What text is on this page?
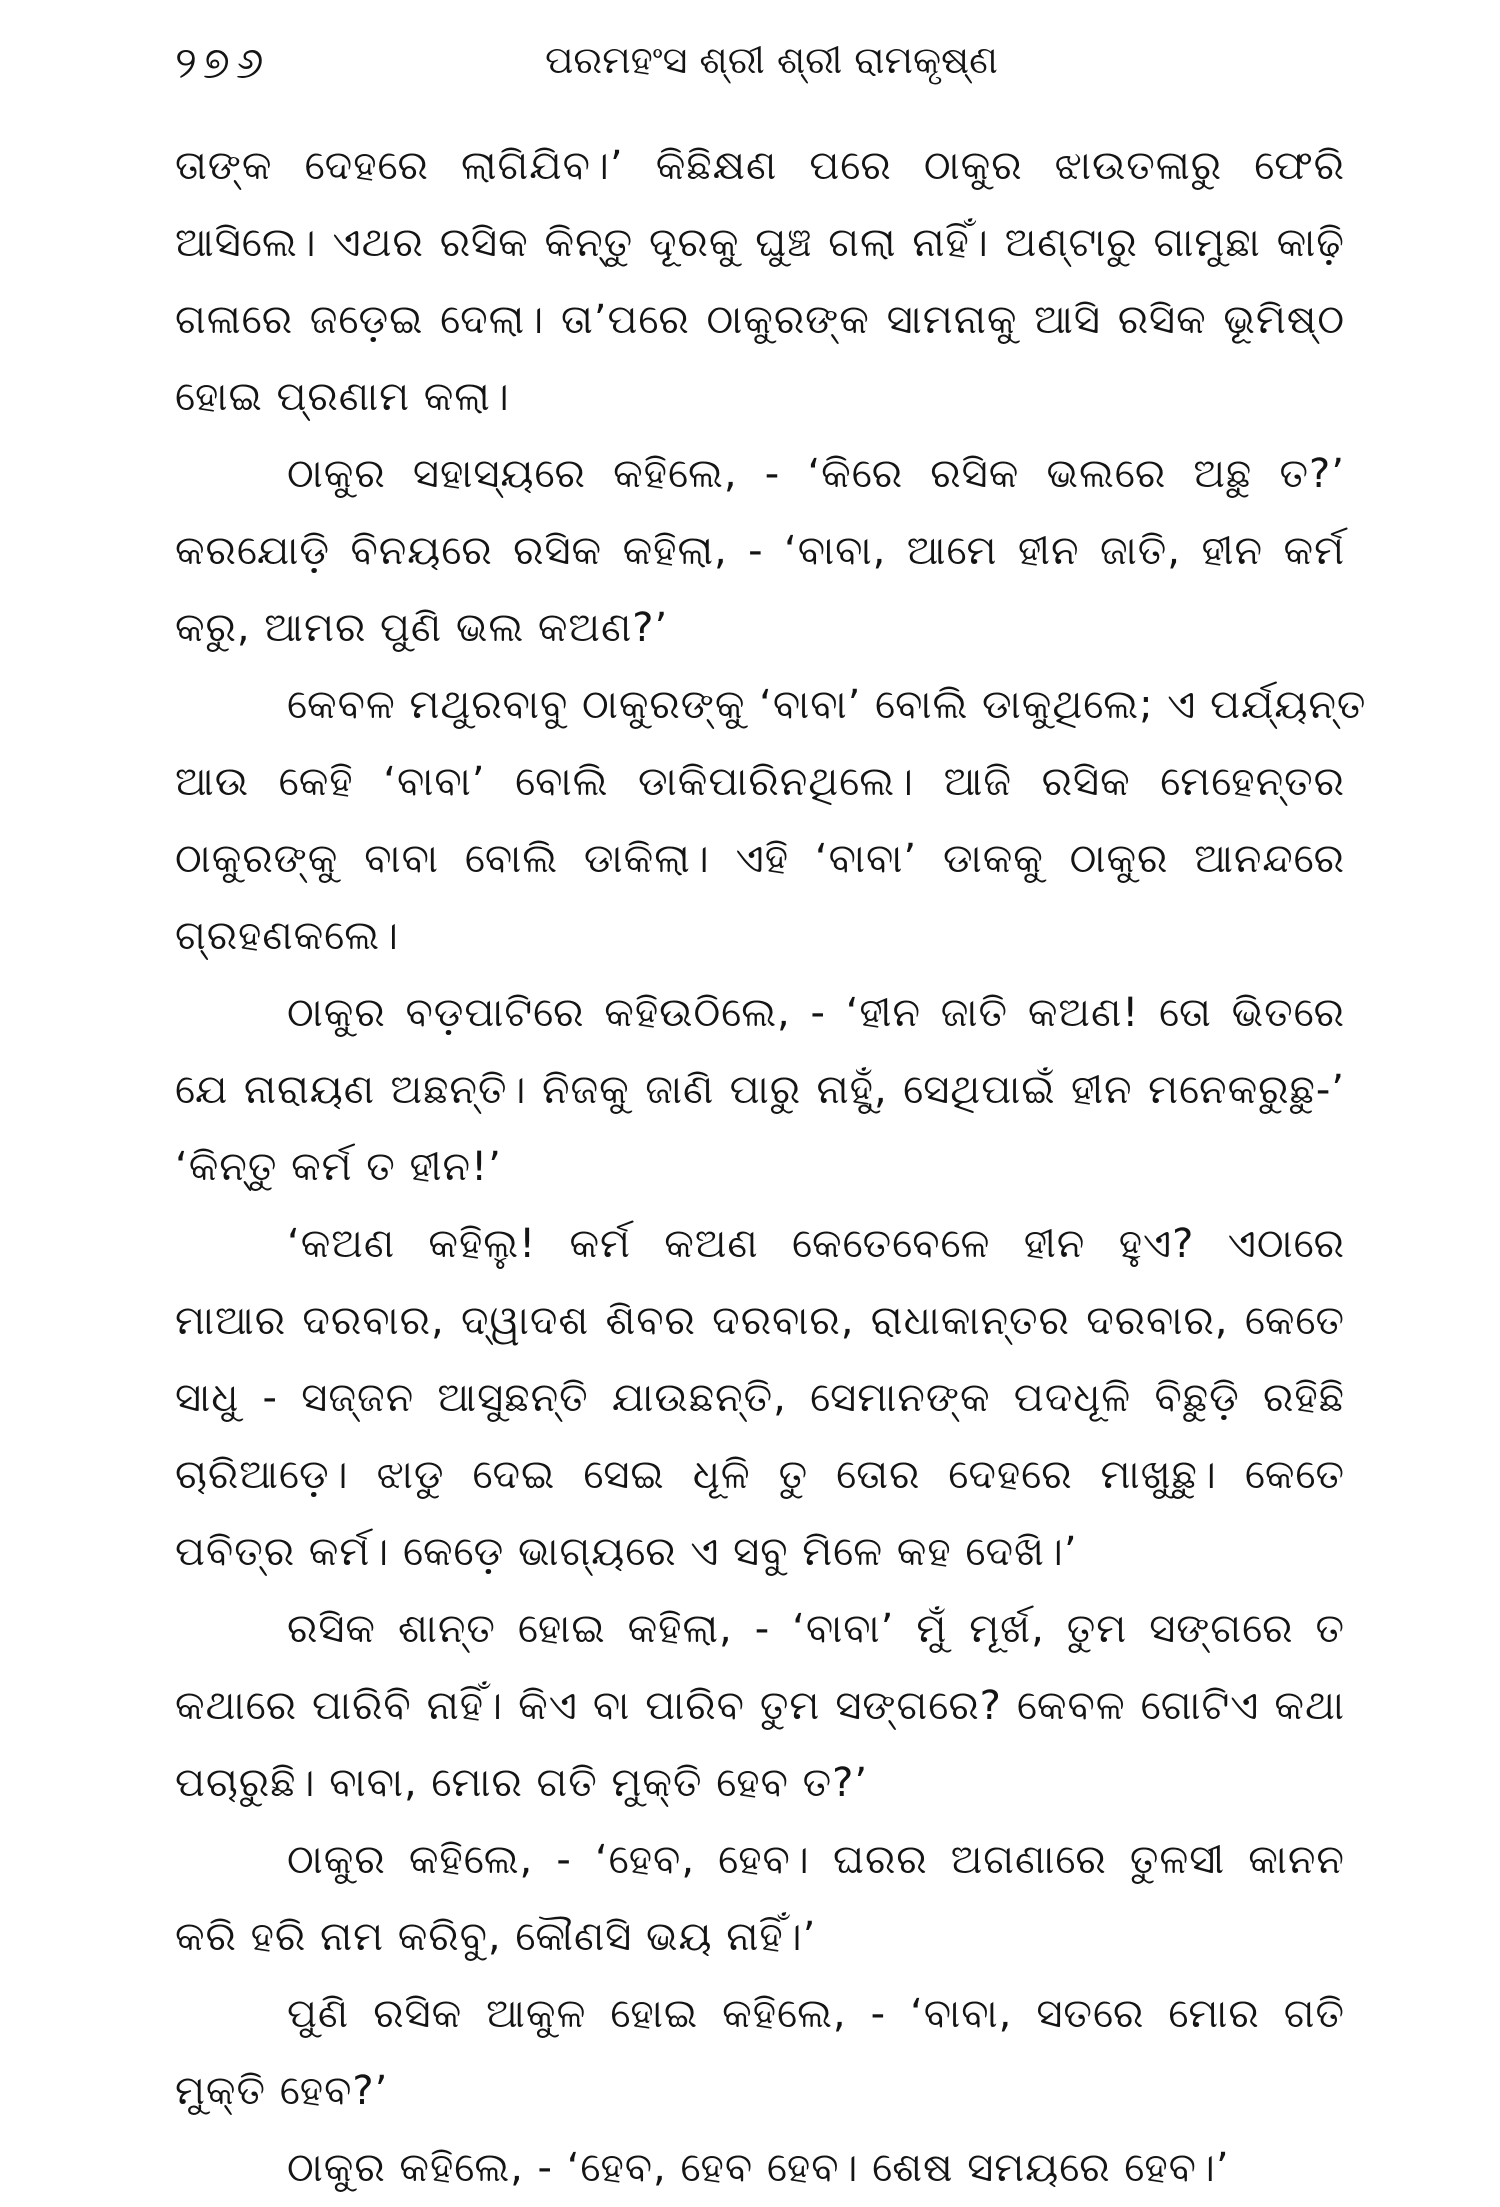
୨୭୬	ପରମହଂସ ଶ୍ରୀ ଶ୍ରୀ ରାମକୃଷ୍ଣ
ତାଙ୍କ ଦେହରେ ଲାଗିଯିବ।’ କିଛିକ୍ଷଣ ପରେ ଠାକୁର ଝାଉତଳାରୁ ଫେରି
ଆସିଲେ। ଏଥର ରସିକ କିନ୍ତୁ ଦୂରକୁ ଘୁଞ୍ଚ ଗଲା ନାହିଁ। ଅଣ୍ଟାରୁ ଗାମୁଛା କାଢ଼ି
ଗଳାରେ ଜଡ଼େଇ ଦେଲା। ତା’ପରେ ଠାକୁରଙ୍କ ସାମନାକୁ ଆସି ରସିକ ଭୂମିଷ୍ଠ
ହୋଇ ପ୍ରଣାମ କଲା।
ଠାକୁର ସହାସ୍ୟରେ କହିଲେ, - ‘କିରେ ରସିକ ଭଲରେ ଅଛୁ ତ?’
କରଯୋଡ଼ି ବିନୟରେ ରସିକ କହିଲା, - ‘ବାବା, ଆମେ ହୀନ ଜାତି, ହୀନ କର୍ମ
କରୁ, ଆମର ପୁଣି ଭଲ କଅଣ?’
କେବଳ ମଥୁରବାବୁ ଠାକୁରଙ୍କୁ ‘ବାବା’ ବୋଲି ଡାକୁଥିଲେ; ଏ ପର୍ଯ୍ୟନ୍ତ
ଆଉ କେହି ‘ବାବା’ ବୋଲି ଡାକିପାରିନଥିଲେ। ଆଜି ରସିକ ମେହେନ୍ତର
ଠାକୁରଙ୍କୁ ବାବା ବୋଲି ଡାକିଲା। ଏହି ‘ବାବା’ ଡାକକୁ ଠାକୁର ଆନନ୍ଦରେ
ଗ୍ରହଣକଲେ।
ଠାକୁର ବଡ଼ପାଟିରେ କହିଉଠିଲେ, - ‘ହୀନ ଜାତି କଅଣ! ତୋ ଭିତରେ
ଯେ ନାରାୟଣ ଅଛନ୍ତି। ନିଜକୁ ଜାଣି ପାରୁ ନାହୁଁ, ସେଥିପାଇଁ ହୀନ ମନେକରୁଛୁ-’
‘କିନ୍ତୁ କର୍ମ ତ ହୀନ!’
‘କଅଣ କହିଲୁ! କର୍ମ କଅଣ କେତେବେଳେ ହୀନ ହୁଏ? ଏଠାରେ
ମାଆର ଦରବାର, ଦ୍ୱାଦଶ ଶିବର ଦରବାର, ରାଧାକାନ୍ତର ଦରବାର, କେତେ
ସାଧୁ - ସଜ୍ଜନ ଆସୁଛନ୍ତି ଯାଉଛନ୍ତି, ସେମାନଙ୍କ ପଦଧୂଳି ବିଛୁଡ଼ି ରହିଛି
ଚାରିଆଡ଼େ। ଝାଡୁ ଦେଇ ସେଇ ଧୂଳି ତୁ ତୋର ଦେହରେ ମାଖୁଛୁ। କେତେ
ପବିତ୍ର କର୍ମ। କେଡ଼େ ଭାଗ୍ୟରେ ଏ ସବୁ ମିଳେ କହ ଦେଖି।’
ରସିକ ଶାନ୍ତ ହୋଇ କହିଲା, - ‘ବାବା’ ମୁଁ ମୂର୍ଖ, ତୁମ ସଙ୍ଗରେ ତ
କଥାରେ ପାରିବି ନାହିଁ। କିଏ ବା ପାରିବ ତୁମ ସଙ୍ଗରେ? କେବଳ ଗୋଟିଏ କଥା
ପଚାରୁଛି। ବାବା, ମୋର ଗତି ମୁକ୍ତି ହେବ ତ?’
ଠାକୁର କହିଲେ, - ‘ହେବ, ହେବ। ଘରର ଅଗଣାରେ ତୁଳସୀ କାନନ
କରି ହରି ନାମ କରିବୁ, କୌଣସି ଭୟ ନାହିଁ।’
ପୁଣି ରସିକ ଆକୁଳ ହୋଇ କହିଲେ, - ‘ବାବା, ସତରେ ମୋର ଗତି
ମୁକ୍ତି ହେବ?’
ଠାକୁର କହିଲେ, - ‘ହେବ, ହେବ ହେବ। ଶେଷ ସମୟରେ ହେବ।’
